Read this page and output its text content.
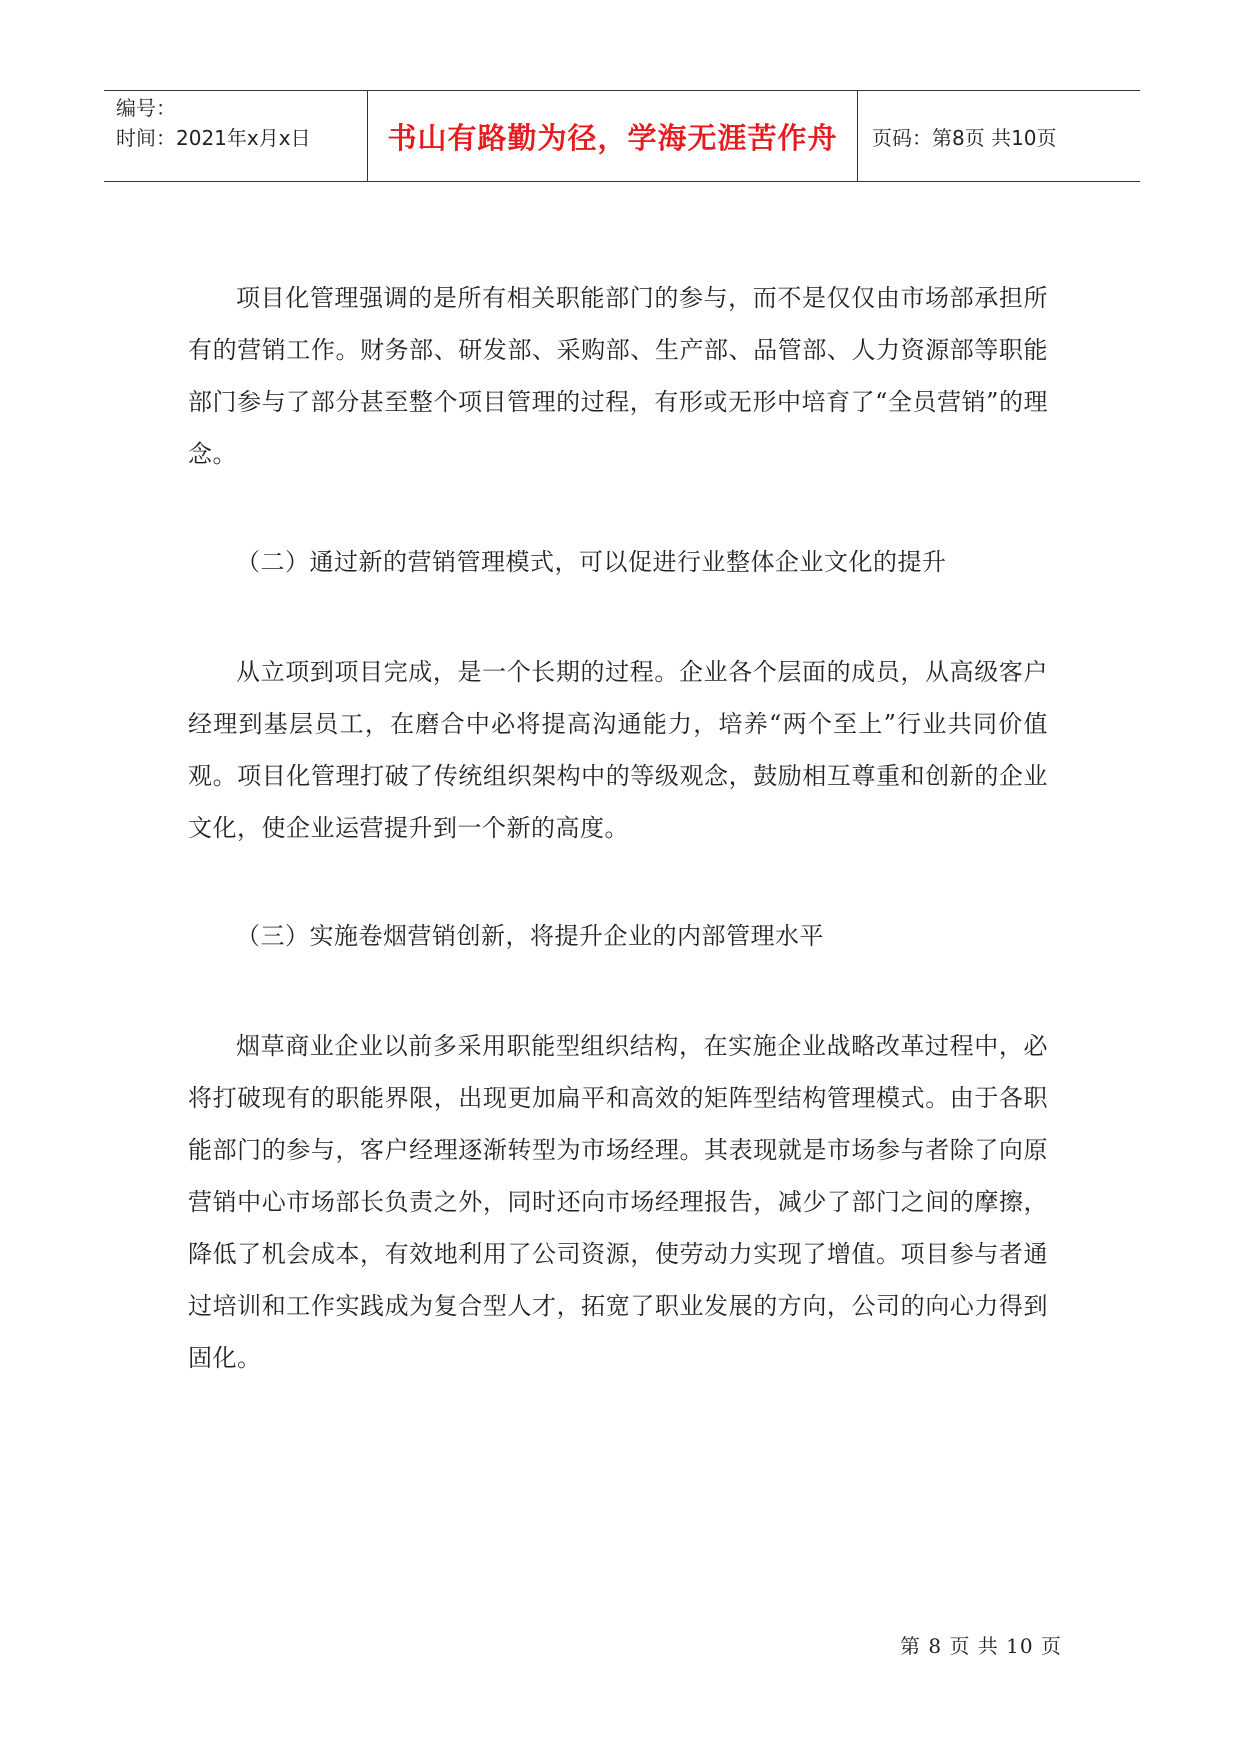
编号：
时间：2021年x月x日	书山有路勤为径，学海无涯苦作舟 页码：第8页 共10页

项目化管理强调的是所有相关职能部门的参与，而不是仅仅由市场部承担所有的营销工作。财务部、研发部、采购部、生产部、品管部、人力资源部等职能部门参与了部分甚至整个项目管理的过程，有形或无形中培育了“全员营销”的理念。

（二）通过新的营销管理模式，可以促进行业整体企业文化的提升

从立项到项目完成，是一个长期的过程。企业各个层面的成员，从高级客户经理到基层员工，在磨合中必将提高沟通能力，培养“两个至上”行业共同价值观。项目化管理打破了传统组织架构中的等级观念，鼓励相互尊重和创新的企业文化，使企业运营提升到一个新的高度。

（三）实施卷烟营销创新，将提升企业的内部管理水平

烟草商业企业以前多采用职能型组织结构，在实施企业战略改革过程中，必将打破现有的职能界限，出现更加扁平和高效的矩阵型结构管理模式。由于各职能部门的参与，客户经理逐渐转型为市场经理。其表现就是市场参与者除了向原营销中心市场部长负责之外，同时还向市场经理报告，减少了部门之间的摩擦，降低了机会成本，有效地利用了公司资源，使劳动力实现了增值。项目参与者通过培训和工作实践成为复合型人才，拓宽了职业发展的方向，公司的向心力得到固化。

第 8 页 共 10 页
